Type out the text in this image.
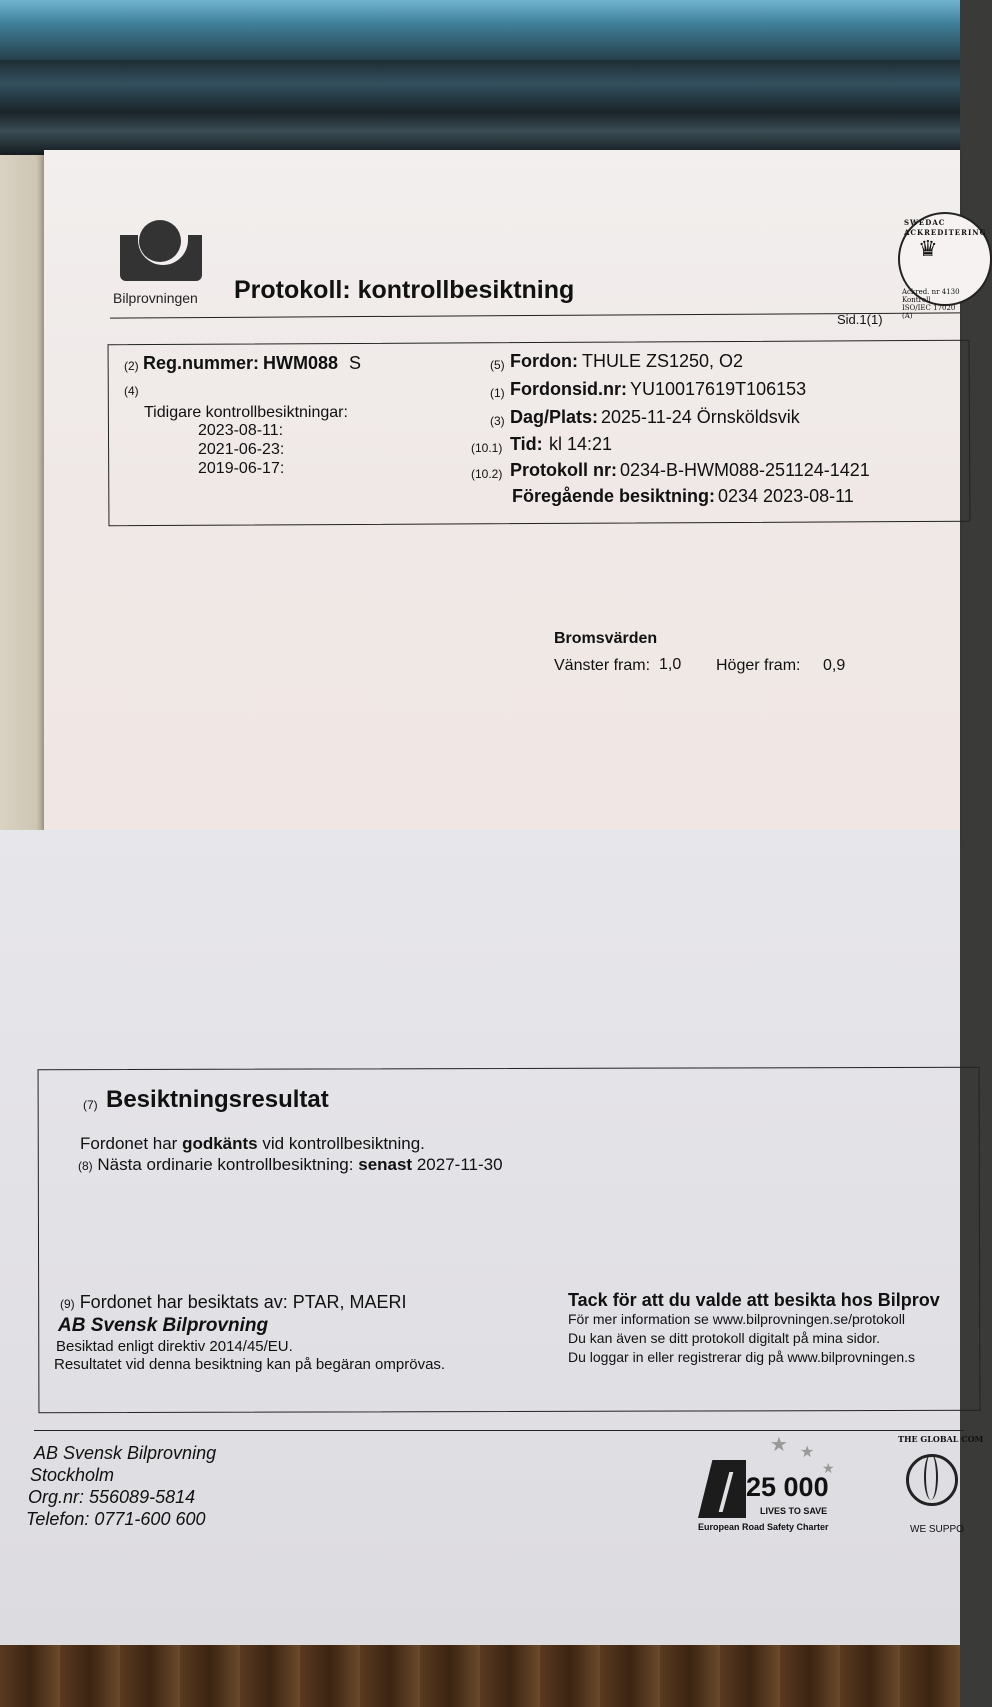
Bilprovningen Protokoll: kontrollbesiktning
Sid.1(1)
SWEDAC ACKREDITERING
♛
Ackred. nr 4130
Kontroll
ISO/IEC 17020 (A)
(2) Reg.nummer: HWM088 S
(4)
Tidigare kontrollbesiktningar:
2023-08-11:
2021-06-23:
2019-06-17:
(5) Fordon: THULE ZS1250, O2
(1) Fordonsid.nr: YU10017619T106153
(3) Dag/Plats: 2025-11-24 Örnsköldsvik
(10.1) Tid: kl 14:21
(10.2) Protokoll nr: 0234-B-HWM088-251124-1421
Föregående besiktning: 0234 2023-08-11
Bromsvärden
Vänster fram: 1,0 Höger fram: 0,9
(7) Besiktningsresultat
Fordonet har godkänts vid kontrollbesiktning.
(8) Nästa ordinarie kontrollbesiktning: senast 2027-11-30
(9) Fordonet har besiktats av: PTAR, MAERI
AB Svensk Bilprovning
Besiktad enligt direktiv 2014/45/EU.
Resultatet vid denna besiktning kan på begäran omprövas.
Tack för att du valde att besikta hos Bilprov
För mer information se www.bilprovningen.se/protokoll
Du kan även se ditt protokoll digitalt på mina sidor.
Du loggar in eller registrerar dig på www.bilprovningen.s
AB Svensk Bilprovning
Stockholm
Org.nr: 556089-5814
Telefon: 0771-600 600
★ ★
★
25 000
LIVES TO SAVE
European Road Safety Charter
THE GLOBAL COM
WE SUPPO
